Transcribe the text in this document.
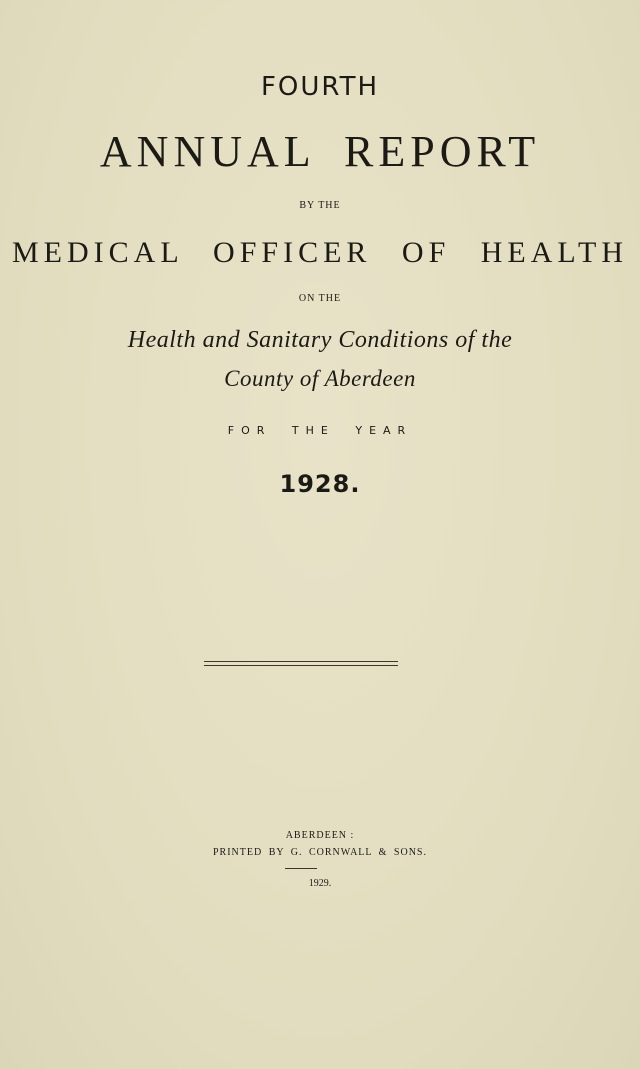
FOURTH
ANNUAL REPORT
BY THE
MEDICAL OFFICER OF HEALTH
ON THE
Health and Sanitary Conditions of the
County of Aberdeen
FOR THE YEAR
1928.
ABERDEEN :
PRINTED BY G. CORNWALL & SONS.
1929.
